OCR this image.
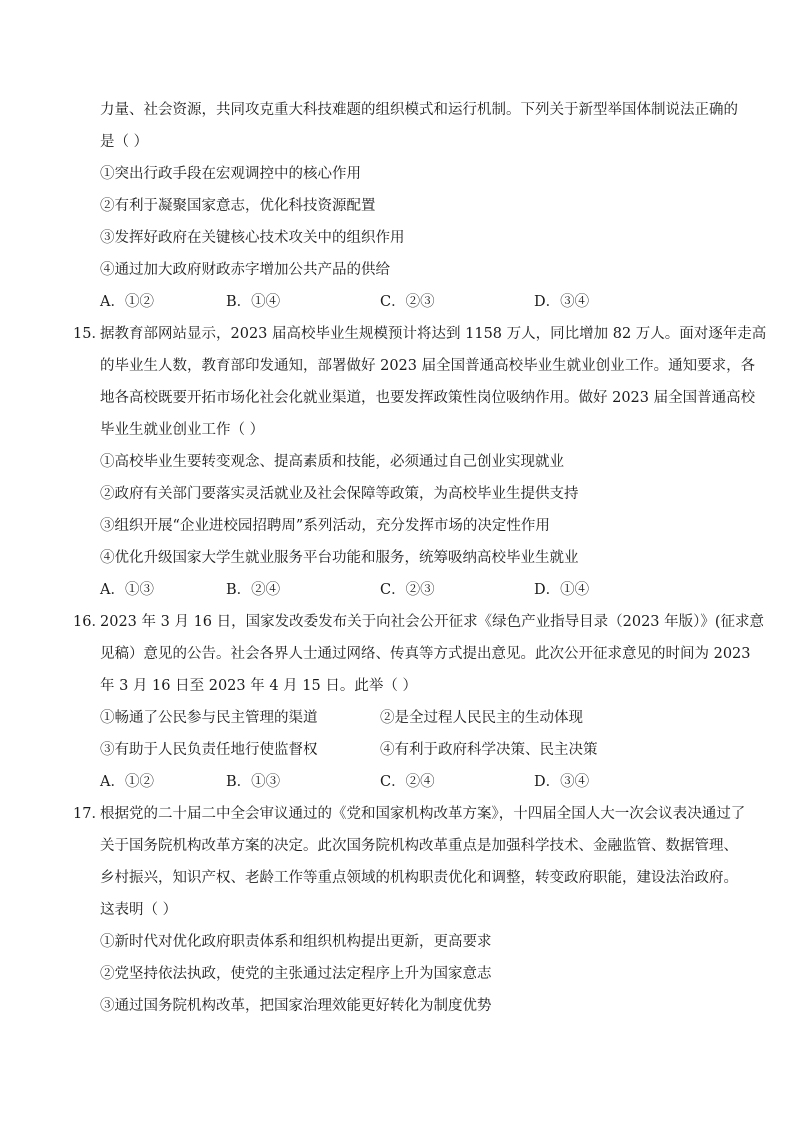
力量、社会资源，共同攻克重大科技难题的组织模式和运行机制。下列关于新型举国体制说法正确的
是（ ）
①突出行政手段在宏观调控中的核心作用
②有利于凝聚国家意志，优化科技资源配置
③发挥好政府在关键核心技术攻关中的组织作用
④通过加大政府财政赤字增加公共产品的供给
A．①②	B．①④	C．②③	D．③④
15．
据教育部网站显示，2023 届高校毕业生规模预计将达到 1158 万人，同比增加 82 万人。面对逐年走高
的毕业生人数，教育部印发通知，部署做好 2023 届全国普通高校毕业生就业创业工作。通知要求，各
地各高校既要开拓市场化社会化就业渠道，也要发挥政策性岗位吸纳作用。做好 2023 届全国普通高校
毕业生就业创业工作（ ）
①高校毕业生要转变观念、提高素质和技能，必须通过自己创业实现就业
②政府有关部门要落实灵活就业及社会保障等政策，为高校毕业生提供支持
③组织开展“企业进校园招聘周”系列活动，充分发挥市场的决定性作用
④优化升级国家大学生就业服务平台功能和服务，统筹吸纳高校毕业生就业
A．①③	B．②④	C．②③	D．①④
16．
2023 年 3 月 16 日，国家发改委发布关于向社会公开征求《绿色产业指导目录（2023 年版）》(征求意
见稿）意见的公告。社会各界人士通过网络、传真等方式提出意见。此次公开征求意见的时间为 2023
年 3 月 16 日至 2023 年 4 月 15 日。此举（ ）
①畅通了公民参与民主管理的渠道	②是全过程人民民主的生动体现
③有助于人民负责任地行使监督权	④有利于政府科学决策、民主决策
A．①②	B．①③	C．②④	D．③④
17．
根据党的二十届二中全会审议通过的《党和国家机构改革方案》，十四届全国人大一次会议表决通过了
关于国务院机构改革方案的决定。此次国务院机构改革重点是加强科学技术、金融监管、数据管理、
乡村振兴，知识产权、老龄工作等重点领域的机构职责优化和调整，转变政府职能，建设法治政府。
这表明（ ）
①新时代对优化政府职责体系和组织机构提出更新，更高要求
②党坚持依法执政，使党的主张通过法定程序上升为国家意志
③通过国务院机构改革，把国家治理效能更好转化为制度优势
